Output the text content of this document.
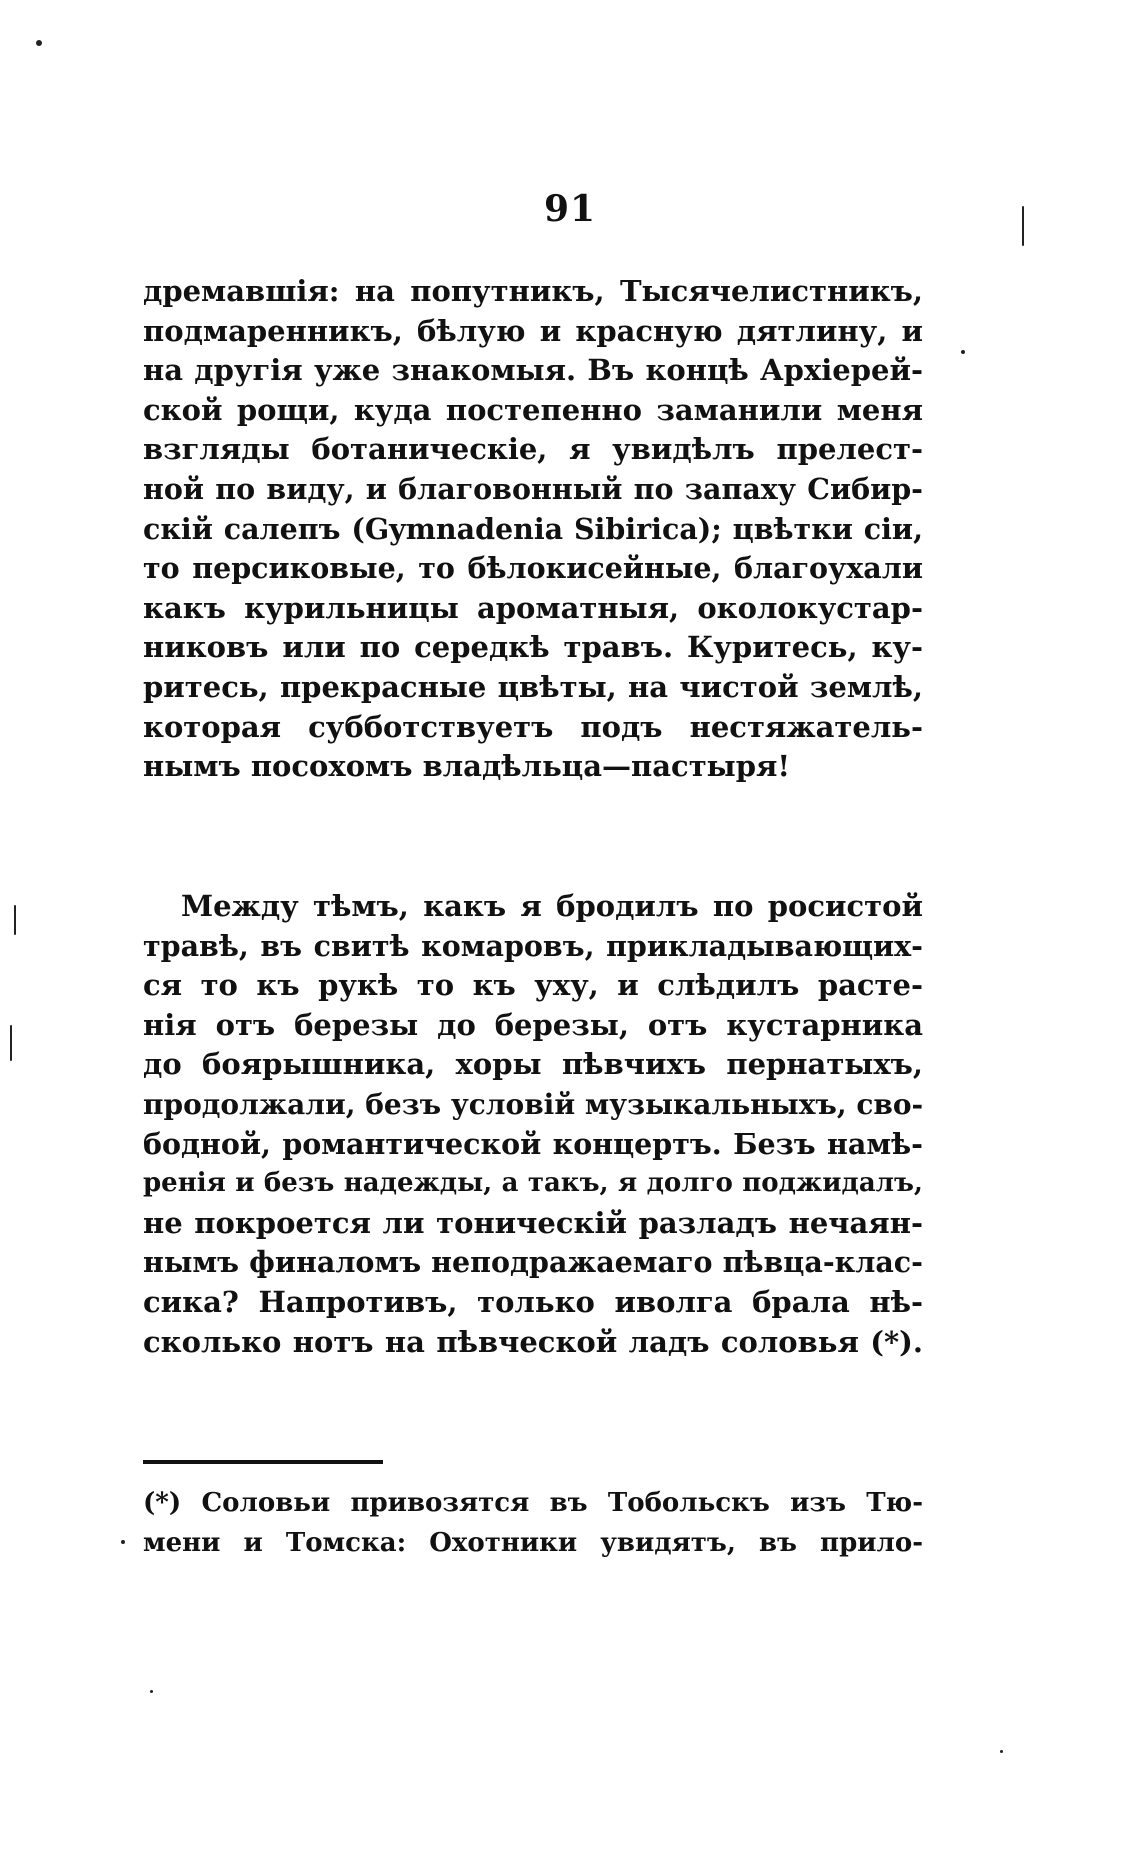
91
дремавшія: на попутникъ, Тысячелистникъ,
подмаренникъ, бѣлую и красную дятлину, и
на другія уже знакомыя. Въ концѣ Архіерей-
ской рощи, куда постепенно заманили меня
взгляды ботаническіе, я увидѣлъ прелест-
ной по виду, и благовонный по запаху Сибир-
скій салепъ (Gymnadenia Sibirica); цвѣтки сіи,
то персиковые, то бѣлокисейные, благоухали
какъ курильницы ароматныя, околокустар-
никовъ или по середкѣ травъ. Куритесь, ку-
ритесь, прекрасные цвѣты, на чистой землѣ,
которая субботствуетъ подъ нестяжатель-
нымъ посохомъ владѣльца—пастыря!
Между тѣмъ, какъ я бродилъ по росистой
травѣ, въ свитѣ комаровъ, прикладывающих-
ся то къ рукѣ то къ уху, и слѣдилъ расте-
нія отъ березы до березы, отъ кустарника
до боярышника, хоры пѣвчихъ пернатыхъ,
продолжали, безъ условій музыкальныхъ, сво-
бодной, романтической концертъ. Безъ намѣ-
ренія и безъ надежды, а такъ, я долго поджидалъ,
не покроется ли тоническій разладъ нечаян-
нымъ финаломъ неподражаемаго пѣвца-клас-
сика? Напротивъ, только иволга брала нѣ-
сколько нотъ на пѣвческой ладъ соловья (*).
(*) Соловьи привозятся въ Тобольскъ изъ Тю-
мени и Томска: Охотники увидятъ, въ прило-
